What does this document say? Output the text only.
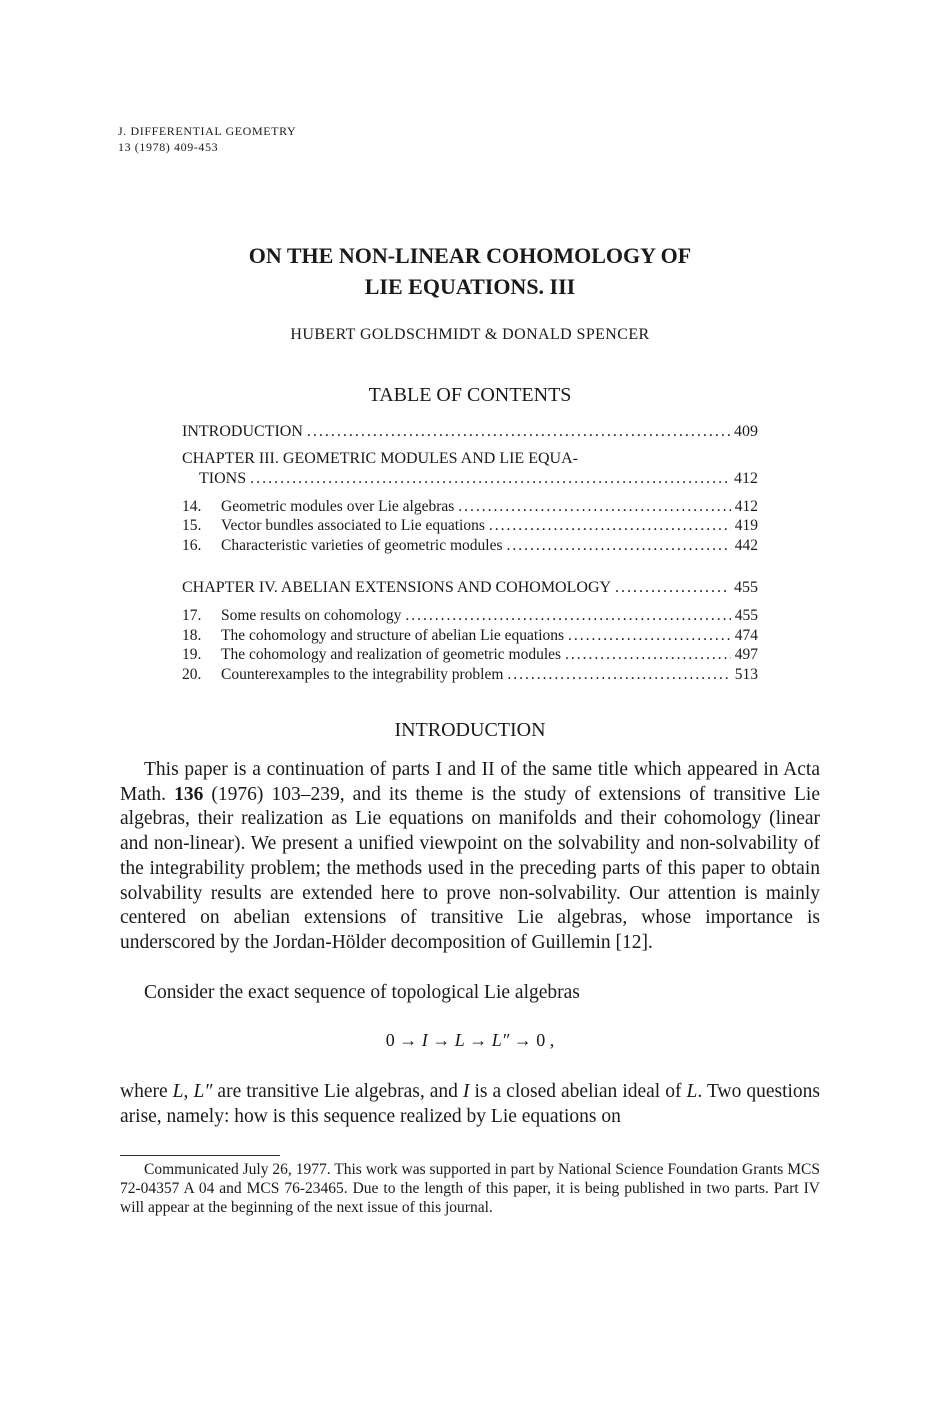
J. DIFFERENTIAL GEOMETRY
13 (1978) 409-453
ON THE NON-LINEAR COHOMOLOGY OF
LIE EQUATIONS. III
HUBERT GOLDSCHMIDT & DONALD SPENCER
TABLE OF CONTENTS
INTRODUCTION .....	409
CHAPTER III. GEOMETRIC MODULES AND LIE EQUA-
TIONS .....	412
14.	Geometric modules over Lie algebras .....	412
15.	Vector bundles associated to Lie equations .....	419
16.	Characteristic varieties of geometric modules .....	442
CHAPTER IV. ABELIAN EXTENSIONS AND COHOMOLOGY .....	455
17.	Some results on cohomology .....	455
18.	The cohomology and structure of abelian Lie equations .....	474
19.	The cohomology and realization of geometric modules .....	497
20.	Counterexamples to the integrability problem .....	513
INTRODUCTION
This paper is a continuation of parts I and II of the same title which appeared in Acta Math. 136 (1976) 103–239, and its theme is the study of extensions of transitive Lie algebras, their realization as Lie equations on manifolds and their cohomology (linear and non-linear). We present a unified viewpoint on the solvability and non-solvability of the integrability problem; the methods used in the preceding parts of this paper to obtain solvability results are extended here to prove non-solvability. Our attention is mainly centered on abelian extensions of transitive Lie algebras, whose importance is underscored by the Jordan-Hölder decomposition of Guillemin [12].
Consider the exact sequence of topological Lie algebras
0 → I → L → L″ → 0 ,
where L, L″ are transitive Lie algebras, and I is a closed abelian ideal of L. Two questions arise, namely: how is this sequence realized by Lie equations on
Communicated July 26, 1977. This work was supported in part by National Science Foundation Grants MCS 72-04357 A 04 and MCS 76-23465. Due to the length of this paper, it is being published in two parts. Part IV will appear at the beginning of the next issue of this journal.
